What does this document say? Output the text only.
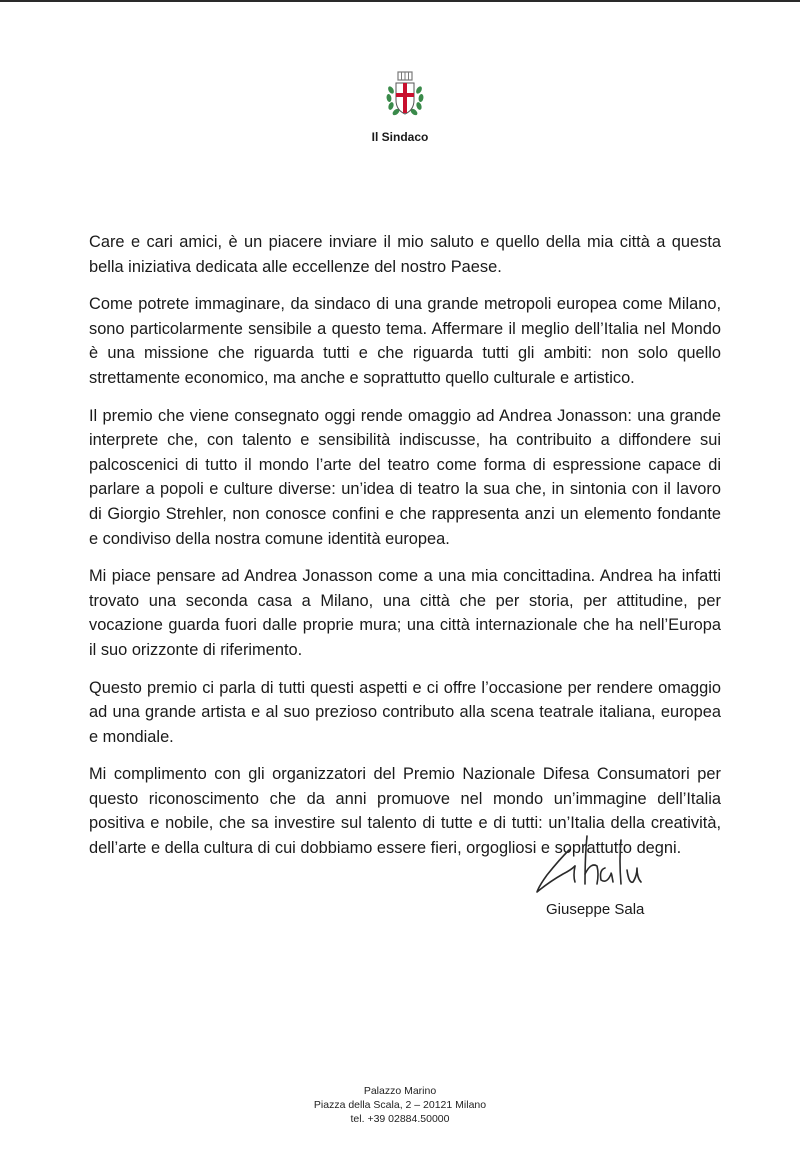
Il Sindaco

Care e cari amici, è un piacere inviare il mio saluto e quello della mia città a questa bella iniziativa dedicata alle eccellenze del nostro Paese.

Come potrete immaginare, da sindaco di una grande metropoli europea come Milano, sono particolarmente sensibile a questo tema. Affermare il meglio dell’Italia nel Mondo è una missione che riguarda tutti e che riguarda tutti gli ambiti: non solo quello strettamente economico, ma anche e soprattutto quello culturale e artistico.

Il premio che viene consegnato oggi rende omaggio ad Andrea Jonasson: una grande interprete che, con talento e sensibilità indiscusse, ha contribuito a diffondere sui palcoscenici di tutto il mondo l’arte del teatro come forma di espressione capace di parlare a popoli e culture diverse: un’idea di teatro la sua che, in sintonia con il lavoro di Giorgio Strehler, non conosce confini e che rappresenta anzi un elemento fondante e condiviso della nostra comune identità europea.

Mi piace pensare ad Andrea Jonasson come a una mia concittadina. Andrea ha infatti trovato una seconda casa a Milano, una città che per storia, per attitudine, per vocazione guarda fuori dalle proprie mura; una città internazionale che ha nell’Europa il suo orizzonte di riferimento.

Questo premio ci parla di tutti questi aspetti e ci offre l’occasione per rendere omaggio ad una grande artista e al suo prezioso contributo alla scena teatrale italiana, europea e mondiale.

Mi complimento con gli organizzatori del Premio Nazionale Difesa Consumatori per questo riconoscimento che da anni promuove nel mondo un’immagine dell’Italia positiva e nobile, che sa investire sul talento di tutte e di tutti: un’Italia della creatività, dell’arte e della cultura di cui dobbiamo essere fieri, orgogliosi e soprattutto degni.

Giuseppe Sala
Palazzo Marino
Piazza della Scala, 2 – 20121 Milano
tel. +39 02884.50000
